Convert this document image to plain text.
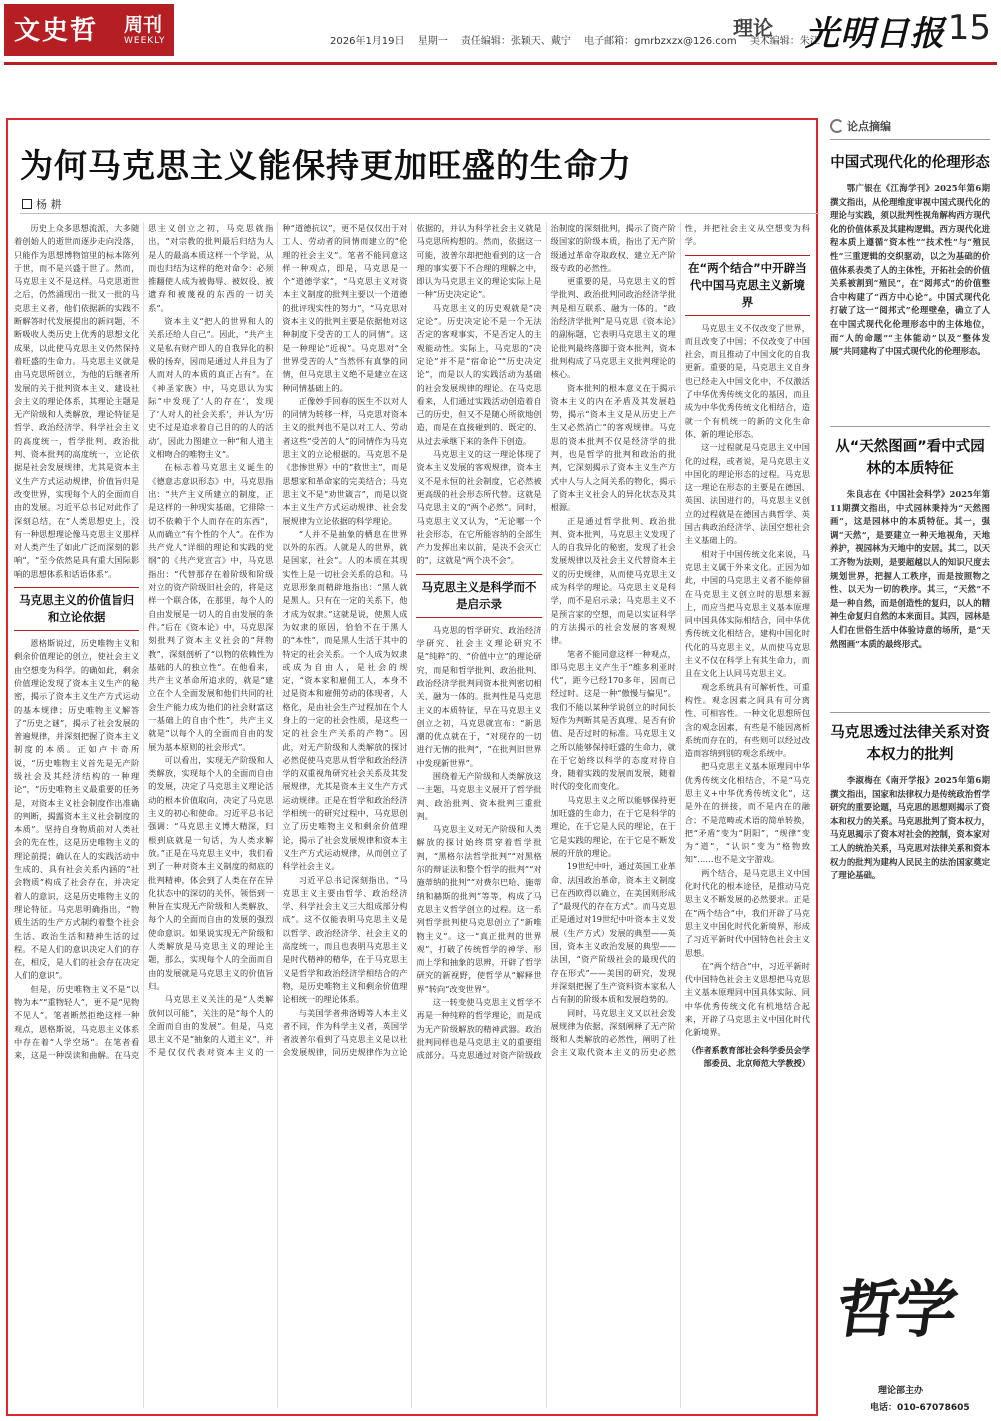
文史哲 周刊
WEEKLY	2026年1月19日 星期一 责任编辑：张颖天、戴宁 电子邮箱：gmrbzxzx@126.com 美术编辑：朱江
理论 光明日报 15
为何马克思主义能保持更加旺盛的生命力
杨 耕

历史上众多思想流派，大多随着创始人的逝世而逐步走向没落，只能作为思想博物馆里的标本陈列于世，而不是兴盛于世了。然而，马克思主义不是这样。马克思逝世之后，仍然涌现出一批又一批的马克思主义者，他们依据新的实践不断解答时代发展提出的新问题，不断吸收人类历史上优秀的思想文化成果，以此使马克思主义仍然保持着旺盛的生命力。马克思主义就是由马克思所创立，为他的后继者所发展的关于批判资本主义、建设社会主义的理论体系，其理论主题是无产阶级和人类解放，理论特征是哲学、政治经济学、科学社会主义的高度统一，哲学批判、政治批判、资本批判的高度统一，立论依据是社会发展规律，尤其是资本主义生产方式运动规律，价值旨归是改变世界，实现每个人的全面而自由的发展。习近平总书记对此作了深刻总结，在“人类思想史上，没有一种思想理论像马克思主义那样对人类产生了如此广泛而深刻的影响”，“至今依然是具有重大国际影响的思想体系和话语体系”。

马克思主义的价值旨归和立论依据

恩格斯说过，历史唯物主义和剩余价值理论的创立，使社会主义由空想变为科学。的确如此，剩余价值理论发现了资本主义生产的秘密，揭示了资本主义生产方式运动的基本规律；历史唯物主义解答了“历史之谜”，揭示了社会发展的普遍规律，并深刻把握了资本主义制度的本质。正如卢卡奇所说，“历史唯物主义首先是无产阶级社会及其经济结构的一种理论”，“历史唯物主义最重要的任务是，对资本主义社会制度作出准确的判断，揭露资本主义社会制度的本质”。坚持自身物质前对人类社会的先在性，这是历史唯物主义的理论前提；确认在人的实践活动中生成的、具有社会关系内涵的“社会物质”构成了社会存在，并决定着人的意识，这是历史唯物主义的理论特征。马克思明确指出，“物质生活的生产方式制约着整个社会生活、政治生活和精神生活的过程。不是人们的意识决定人们的存在，相反，是人们的社会存在决定人们的意识”。

但是，历史唯物主义不是“以物为本”“重物轻人”，更不是“见物不见人”。笔者断然拒绝这样一种观点，恩格斯说，马克思主义体系中存在着“人学空场”。在笔者看来，这是一种误读和曲解。在马克思主义创立之初，马克思就指出，“对宗教的批判最后归结为人是人的最高本质这样一个学说，从而也归结为这样的绝对命令：必须推翻使人成为被侮辱、被奴役、被遗弃和被蔑视的东西的一切关系”。

资本主义“把人的世界和人的关系还给人自己”。因此，“共产主义是私有财产即人的自我异化的积极的扬弃，因而是通过人并且为了人而对人的本质的真正占有”。在《神圣家族》中，马克思认为实际“中发现了‘人的存在’，发现了‘人对人的社会关系’，并认为‘历史不过是追求着自己目的的人的活动’，因此力图建立一种“和人道主义相吻合的唯物主义”。

在标志着马克思主义诞生的《德意志意识形态》中，马克思指出：“共产主义所建立的制度，正是这样的一种现实基础，它排除一切不依赖于个人而存在的东西”，从而确立“有个性的个人”。在作为共产党人“详细的理论和实践的党纲”的《共产党宣言》中，马克思指出：“代替那存在着阶级和阶级对立的资产阶级旧社会的，将是这样一个联合体，在那里，每个人的自由发展是一切人的自由发展的条件。”后在《资本论》中，马克思深刻批判了资本主义社会的“拜物教”，深刻剖析了“以物的依赖性为基础的人的独立性”。在他看来，共产主义革命所追求的，就是“建立在个人全面发展和他们共同的社会生产能力成为他们的社会财富这一基础上的自由个性”，共产主义就是“以每个人的全面而自由的发展为基本原则的社会形式”。

可以看出，实现无产阶级和人类解放，实现每个人的全面而自由的发展，决定了马克思主义理论活动的根本价值取向，决定了马克思主义的初心和使命。习近平总书记强调：“马克思主义博大精深，归根到底就是一句话，为人类求解放。”正是在马克思主义中，我们看到了一种对资本主义制度的彻底的批判精神，体会到了人类在存在异化状态中的深切的关怀，领悟到一种旨在实现无产阶级和人类解放、每个人的全面而自由的发展的强烈使命意识。如果说实现无产阶级和人类解放是马克思主义的理论主题，那么，实现每个人的全面而自由的发展就是马克思主义的价值旨归。

马克思主义关注的是“人类解放何以可能”，关注的是“每个人的全面而自由的发展”。但是，马克思主义不是“抽象的人道主义”，并不是仅仅代表对资本主义的一种“道德抗议”，更不是仅仅出于对工人、劳动者的同情而建立的“伦理的社会主义”。笔者不能同意这样一种观点，即是，马克思是一个“道德学家”，“马克思主义对资本主义制度的批判主要以一个道德的批评现实性的努力”，“马克思对资本主义的批判主要是依据他对这种制度下受苦的工人的同情”。这是一种理论“近视”。马克思对“全世界受苦的人”当然怀有真挚的同情，但马克思主义绝不是建立在这种同情基础上的。

正像妙手回春的医生不以对人的同情为转移一样，马克思对资本主义的批判也不是以对工人、劳动者这些“受苦的人”的同情作为马克思主义的立论根据的。马克思不是《悲惨世界》中的“救世主”，而是思想家和革命家的完美结合；马克思主义不是“劝世箴言”，而是以资本主义生产方式运动规律、社会发展规律为立论依据的科学理论。

“人并不是抽象的栖息在世界以外的东西。人就是人的世界，就是国家，社会”。人的本质在其现实性上是一切社会关系的总和。马克思形象而精辟地指出：“黑人就是黑人。只有在一定的关系下，他才成为奴隶。”这就是说，使黑人成为奴隶的原因，恰恰不在于黑人的“本性”，而是黑人生活于其中的特定的社会关系。一个人成为奴隶或成为自由人，是社会的规定，“资本家和雇佣工人，本身不过是资本和雇佣劳动的体现者，人格化，是由社会生产过程加在个人身上的一定的社会性质，是这些一定的社会生产关系的产物”。因此，对无产阶级和人类解放的探讨必然促使马克思从哲学和政治经济学的双重视角研究社会关系及其发展规律，尤其是资本主义生产方式运动规律。正是在哲学和政治经济学相统一的研究过程中，马克思创立了历史唯物主义和剩余价值理论，揭示了社会发展规律和资本主义生产方式运动规律，从而创立了科学社会主义。

习近平总书记深刻指出，“马克思主义主要由哲学、政治经济学、科学社会主义三大组成部分构成”。这不仅能表明马克思主义是以哲学、政治经济学、社会主义的高度统一，而且也表明马克思主义是时代精神的精华，在于马克思主义是哲学和政治经济学相结合的产物，是历史唯物主义和剩余价值理论相统一的理论体系。

与美国学者弗洛姆等人本主义者不同，作为科学主义者，英国学者波普尔看到了马克思主义是以社会发展规律，同历史规律作为立论依据的，并认为科学社会主义就是马克思所构想的。然而，依据这一可能，波普尔却把他看到的这一合理的事实要下不合理的理解之中，即认为马克思主义的理论实际上是一种“历史决定论”。

马克思主义的历史观就是“决定论”。历史决定论不是一个无法否定的客观事实，不是否定人的主观能动性。实际上，马克思的“决定论”并不是“宿命论”“历史决定论”，而是以人的实践活动为基础的社会发展规律的理论。在马克思看来，人们通过实践活动创造着自己的历史，但又不是随心所欲地创造，而是在直接碰到的、既定的、从过去承继下来的条件下创造。

马克思主义的这一理论体现了资本主义发展的客观规律，资本主义不是永恒的社会制度，它必然被更高级的社会形态所代替。这就是马克思主义的“两个必然”。同时，马克思主义又认为，“无论哪一个社会形态，在它所能容纳的全部生产力发挥出来以前，是决不会灭亡的”，这就是“两个决不会”。

马克思主义是科学而不是启示录

马克思的哲学研究、政治经济学研究、社会主义理论研究不是“纯粹”的、“价值中立”的理论研究，而是和哲学批判、政治批判、政治经济学批判同资本批判密切相关、融为一体的。批判性是马克思主义的本质特征，早在马克思主义创立之初，马克思就宣布：“新思潮的优点就在于，“对现存的一切进行无情的批判”，“在批判旧世界中发现新世界”。

围绕着无产阶级和人类解放这一主题，马克思主义展开了哲学批判、政治批判、资本批判三重批判。

马克思主义对无产阶级和人类解放的探讨始终贯穿着哲学批判，“黑格尔法哲学批判”“对黑格尔的辩证法和整个哲学的批判”“对施蒂纳的批判”“对费尔巴哈、施蒂纳和赫斯的批判”等等，构成了马克思主义哲学创立的过程。这一系列哲学批判使马克思创立了“新唯物主义”。这一“真正批判的世界观”，打破了传统哲学的神学、形而上学和抽象的思辨，开辟了哲学研究的新视野，使哲学从“解释世界”转向“改变世界”。

这一转变使马克思主义哲学不再是一种纯粹的哲学理论，而是成为无产阶级解放的精神武器。政治批判同样也是马克思主义的重要组成部分。马克思通过对资产阶级政治制度的深刻批判，揭示了资产阶级国家的阶级本质，指出了无产阶级通过革命夺取政权、建立无产阶级专政的必然性。

更重要的是，马克思主义的哲学批判、政治批判同政治经济学批判是相互联系、融为一体的。“政治经济学批判”是马克思《资本论》的副标题，它表明马克思主义的理论批判最终落脚于资本批判，资本批判构成了马克思主义批判理论的核心。

资本批判的根本意义在于揭示资本主义的内在矛盾及其发展趋势，揭示“资本主义是从历史上产生又必然消亡”的客观规律。马克思的资本批判不仅是经济学的批判，也是哲学的批判和政治的批判，它深刻揭示了资本主义生产方式中人与人之间关系的物化，揭示了资本主义社会人的异化状态及其根源。

正是通过哲学批判、政治批判、资本批判，马克思主义发现了人的自我异化的秘密，发现了社会发展规律以及社会主义代替资本主义的历史规律，从而使马克思主义成为科学的理论。马克思主义是科学，而不是启示录；马克思主义不是预言家的空想，而是以实证科学的方法揭示的社会发展的客观规律。

笔者不能同意这样一种观点，即马克思主义产生于“维多利亚时代”，距今已经170多年，因而已经过时。这是一种“傲慢与偏见”。我们不能以某种学说创立的时间长短作为判断其是否真理、是否有价值、是否过时的标准。马克思主义之所以能够保持旺盛的生命力，就在于它始终以科学的态度对待自身，随着实践的发展而发展，随着时代的变化而变化。

马克思主义之所以能够保持更加旺盛的生命力，在于它是科学的理论，在于它是人民的理论，在于它是实践的理论，在于它是不断发展的开放的理论。

19世纪中叶，通过英国工业革命、法国政治革命，资本主义制度已在西欧得以确立，在美国则形成了“最现代的存在方式”。而马克思正是通过对19世纪中叶资本主义发展（生产方式）发展的典型——英国，资本主义政治发展的典型——法国，“资产阶级社会的最现代的存在形式”——美国的研究，发现并深刻把握了生产资料资本家私人占有制的阶级本质和发展趋势的。

同时，马克思主义又以社会发展规律为依据，深刻阐释了无产阶级和人类解放的必然性，阐明了社会主义取代资本主义的历史必然性，并把社会主义从空想变为科学。

在“两个结合”中开辟当代中国马克思主义新境界

马克思主义不仅改变了世界，而且改变了中国；不仅改变了中国社会，而且推动了中国文化的自我更新。重要的是，马克思主义自身也已经走入中国文化中，不仅激活了中华优秀传统文化的基因，而且成为中华优秀传统文化相结合，造就一个有机统一的新的文化生命体、新的理论形态。

这一过程就是马克思主义中国化的过程，或者说，是马克思主义中国化的理论形态的过程。马克思这一理论在形态的主要是在德国、英国、法国进行的，马克思主义创立的过程就是在德国古典哲学、英国古典政治经济学、法国空想社会主义基础上的。

相对于中国传统文化来说，马克思主义属于外来文化。正因为如此，中国的马克思主义者不能停留在马克思主义创立时的思想来源上，而应当把马克思主义基本原理同中国具体实际相结合，同中华优秀传统文化相结合，建构中国化时代化的马克思主义，从而使马克思主义不仅在科学上有其生命力，而且在文化上认同马克思主义。

观念系统具有可解析性、可重构性。观念因素之间具有可分离性、可相容性。一种文化思想所包含的观念因素，有些是不能因离析系统而存在的，有些则可以经过改造而容纳到别的观念系统中。

把马克思主义基本原理同中华优秀传统文化相结合，不是“马克思主义+中华优秀传统文化”，这是外在的拼接，而不是内在的融合；不是范畴或术语的简单转换，把“矛盾”变为“阴阳”，“规律”变为“道”，“认识”变为“格物致知”……也不是文字游戏。

两个结合，是马克思主义中国化时代化的根本途径，是推动马克思主义不断发展的必然要求。正是在“两个结合”中，我们开辟了马克思主义中国化时代化新境界，形成了习近平新时代中国特色社会主义思想。

在“两个结合”中，习近平新时代中国特色社会主义思想把马克思主义基本原理同中国具体实际、同中华优秀传统文化有机地结合起来，开辟了马克思主义中国化时代化新境界。

（作者系教育部社会科学委员会学部委员、北京师范大学教授）

论点摘编
中国式现代化的伦理形态

鄂广银在《江海学刊》2025年第6期撰文指出，从伦理维度审视中国式现代化的理论与实践，须以批判性视角解构西方现代化的价值体系及其建构逻辑。西方现代化进程本质上遵循“资本性”“技术性”与“殖民性”三重逻辑的交织驱动，以之为基础的价值体系表类了人的主体性，开拓社会的价值关系被割到“殖民”，在“阅邦式”的价值整合中构建了“西方中心论”。中国式现代化打破了这一“阅邦式”伦理壁垒，确立了人在中国式现代化伦理形态中的主体地位，而“人的命题”“主体能动”以及“整体发展”共同建构了中国式现代化的伦理形态。

从“天然图画”看中式园林的本质特征

朱良志在《中国社会科学》2025年第11期撰文指出，中式园林秉持为“天然图画”，这是园林中的本质特征。其一，强调“天然”，是要建立一种天地视角，天地养护，视园林为天地中的安居。其二，以天工齐物为法则，是要超越以人的知识尺度去规划世界，把握人工秩序，而是按照物之性、以天为一切的秩序。其三，“天然”不是一种自然，而是创造性的复归，以人的精神生命复归自然的本来面目。其四，园林是人们在世俗生活中体验诗意的场所，是“天然图画”本质的最终形式。

马克思透过法律关系对资本权力的批判

李淑梅在《南开学报》2025年第6期撰文指出，国家和法律权力是传统政治哲学研究的重要论题，马克思的思想则揭示了资本和权力的关系。马克思批判了资本权力，马克思揭示了资本对社会的控制，资本家对工人的统治关系，马克思对法律关系和资本权力的批判为建构人民民主的法治国家奠定了理论基础。

哲学
理论部主办
电话：010-67078605
